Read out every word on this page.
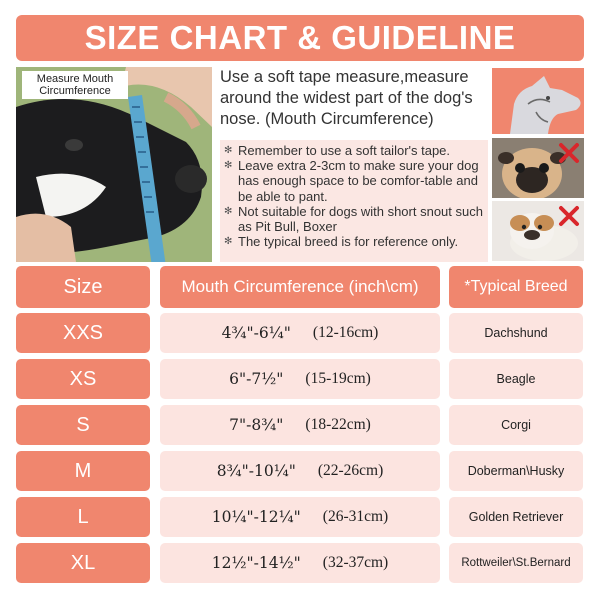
SIZE CHART & GUIDELINE
Measure Mouth
Circumference
Use a soft tape measure,measure around the widest part of the dog's nose. (Mouth Circumference)
✻ Remember to use a soft tailor's tape.
✻ Leave extra 2-3cm to make sure your dog has enough space to be comfor-table and be able to pant.
✻ Not suitable for dogs with short snout such as Pit Bull, Boxer
✻ The typical breed is for reference only.
Size	Mouth Circumference (inch\cm)	*Typical Breed
XXS	4¾"-6¼" (12-16cm)	Dachshund
XS	6"-7½" (15-19cm)	Beagle
S	7"-8¾" (18-22cm)	Corgi
M	8¾"-10¼" (22-26cm)	Doberman\Husky
L	10¼"-12¼" (26-31cm)	Golden Retriever
XL	12½"-14½" (32-37cm)	Rottweiler\St.Bernard
